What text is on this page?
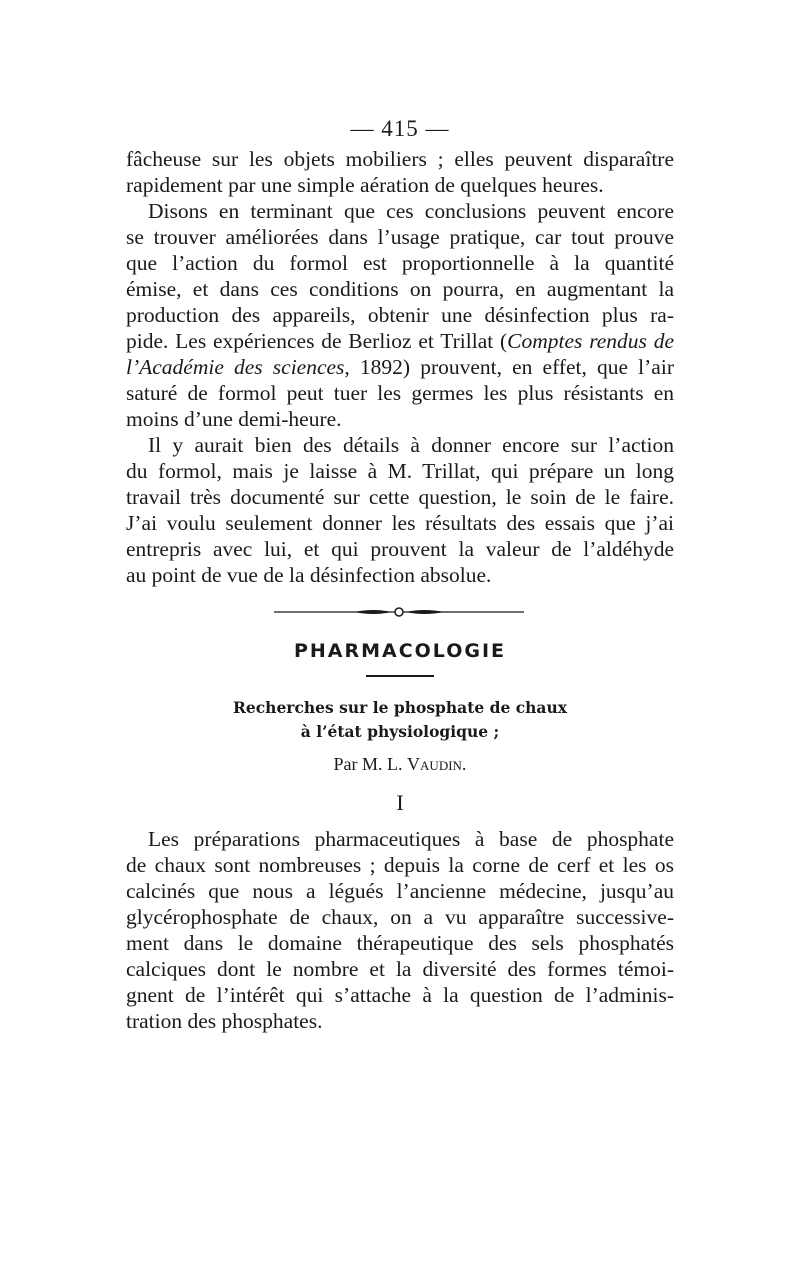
— 415 —
fâcheuse sur les objets mobiliers ; elles peuvent disparaître
rapidement par une simple aération de quelques heures.
Disons en terminant que ces conclusions peuvent encore
se trouver améliorées dans l’usage pratique, car tout prouve
que l’action du formol est proportionnelle à la quantité
émise, et dans ces conditions on pourra, en augmentant la
production des appareils, obtenir une désinfection plus ra-
pide. Les expériences de Berlioz et Trillat (Comptes rendus de
l’Académie des sciences, 1892) prouvent, en effet, que l’air
saturé de formol peut tuer les germes les plus résistants en
moins d’une demi-heure.
Il y aurait bien des détails à donner encore sur l’action
du formol, mais je laisse à M. Trillat, qui prépare un long
travail très documenté sur cette question, le soin de le faire.
J’ai voulu seulement donner les résultats des essais que j’ai
entrepris avec lui, et qui prouvent la valeur de l’aldéhyde
au point de vue de la désinfection absolue.
PHARMACOLOGIE
Recherches sur le phosphate de chaux
à l’état physiologique ;
Par M. L. Vaudin.
I
Les préparations pharmaceutiques à base de phosphate
de chaux sont nombreuses ; depuis la corne de cerf et les os
calcinés que nous a légués l’ancienne médecine, jusqu’au
glycérophosphate de chaux, on a vu apparaître successive-
ment dans le domaine thérapeutique des sels phosphatés
calciques dont le nombre et la diversité des formes témoi-
gnent de l’intérêt qui s’attache à la question de l’adminis-
tration des phosphates.
